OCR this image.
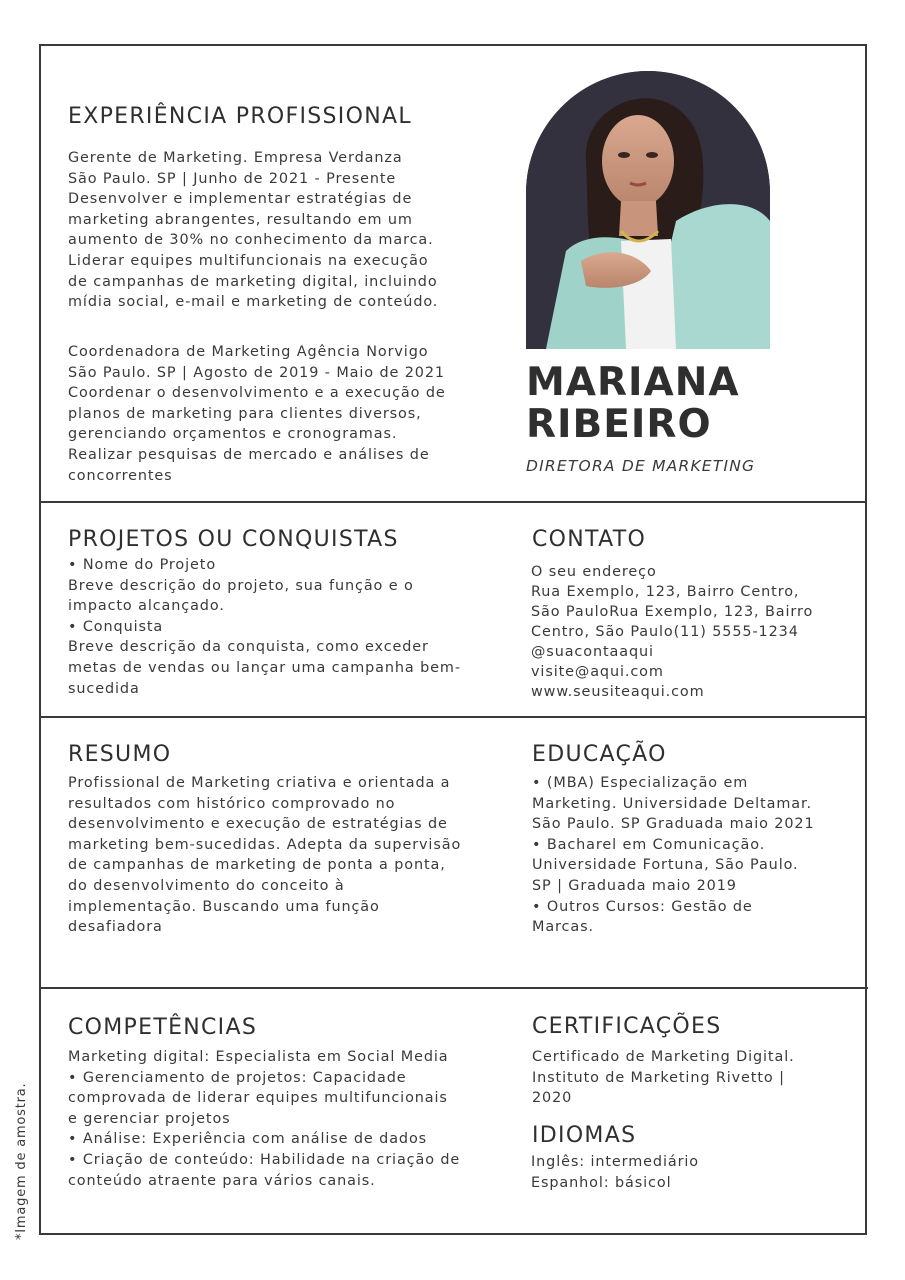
EXPERIÊNCIA PROFISSIONAL
Gerente de Marketing. Empresa Verdanza
São Paulo. SP | Junho de 2021 - Presente
Desenvolver e implementar estratégias de
marketing abrangentes, resultando em um
aumento de 30% no conhecimento da marca.
Liderar equipes multifuncionais na execução
de campanhas de marketing digital, incluindo
mídia social, e-mail e marketing de conteúdo.
Coordenadora de Marketing Agência Norvigo
São Paulo. SP | Agosto de 2019 - Maio de 2021
Coordenar o desenvolvimento e a execução de
planos de marketing para clientes diversos,
gerenciando orçamentos e cronogramas.
Realizar pesquisas de mercado e análises de
concorrentes
MARIANA
RIBEIRO
DIRETORA DE MARKETING
PROJETOS OU CONQUISTAS
• Nome do Projeto
Breve descrição do projeto, sua função e o
impacto alcançado.
• Conquista
Breve descrição da conquista, como exceder
metas de vendas ou lançar uma campanha bem-
sucedida
CONTATO
O seu endereço
Rua Exemplo, 123, Bairro Centro,
São PauloRua Exemplo, 123, Bairro
Centro, São Paulo(11) 5555-1234
@suacontaaqui
visite@aqui.com
www.seusiteaqui.com
RESUMO
Profissional de Marketing criativa e orientada a
resultados com histórico comprovado no
desenvolvimento e execução de estratégias de
marketing bem-sucedidas. Adepta da supervisão
de campanhas de marketing de ponta a ponta,
do desenvolvimento do conceito à
implementação. Buscando uma função
desafiadora
EDUCAÇÃO
• (MBA) Especialização em
Marketing. Universidade Deltamar.
São Paulo. SP Graduada maio 2021
• Bacharel em Comunicação.
Universidade Fortuna, São Paulo.
SP | Graduada maio 2019
• Outros Cursos: Gestão de
Marcas.
COMPETÊNCIAS
Marketing digital: Especialista em Social Media
• Gerenciamento de projetos: Capacidade
comprovada de liderar equipes multifuncionais
e gerenciar projetos
• Análise: Experiência com análise de dados
• Criação de conteúdo: Habilidade na criação de
conteúdo atraente para vários canais.
CERTIFICAÇÕES
Certificado de Marketing Digital.
Instituto de Marketing Rivetto |
2020
IDIOMAS
Inglês: intermediário
Espanhol: básicol
*Imagem de amostra.
